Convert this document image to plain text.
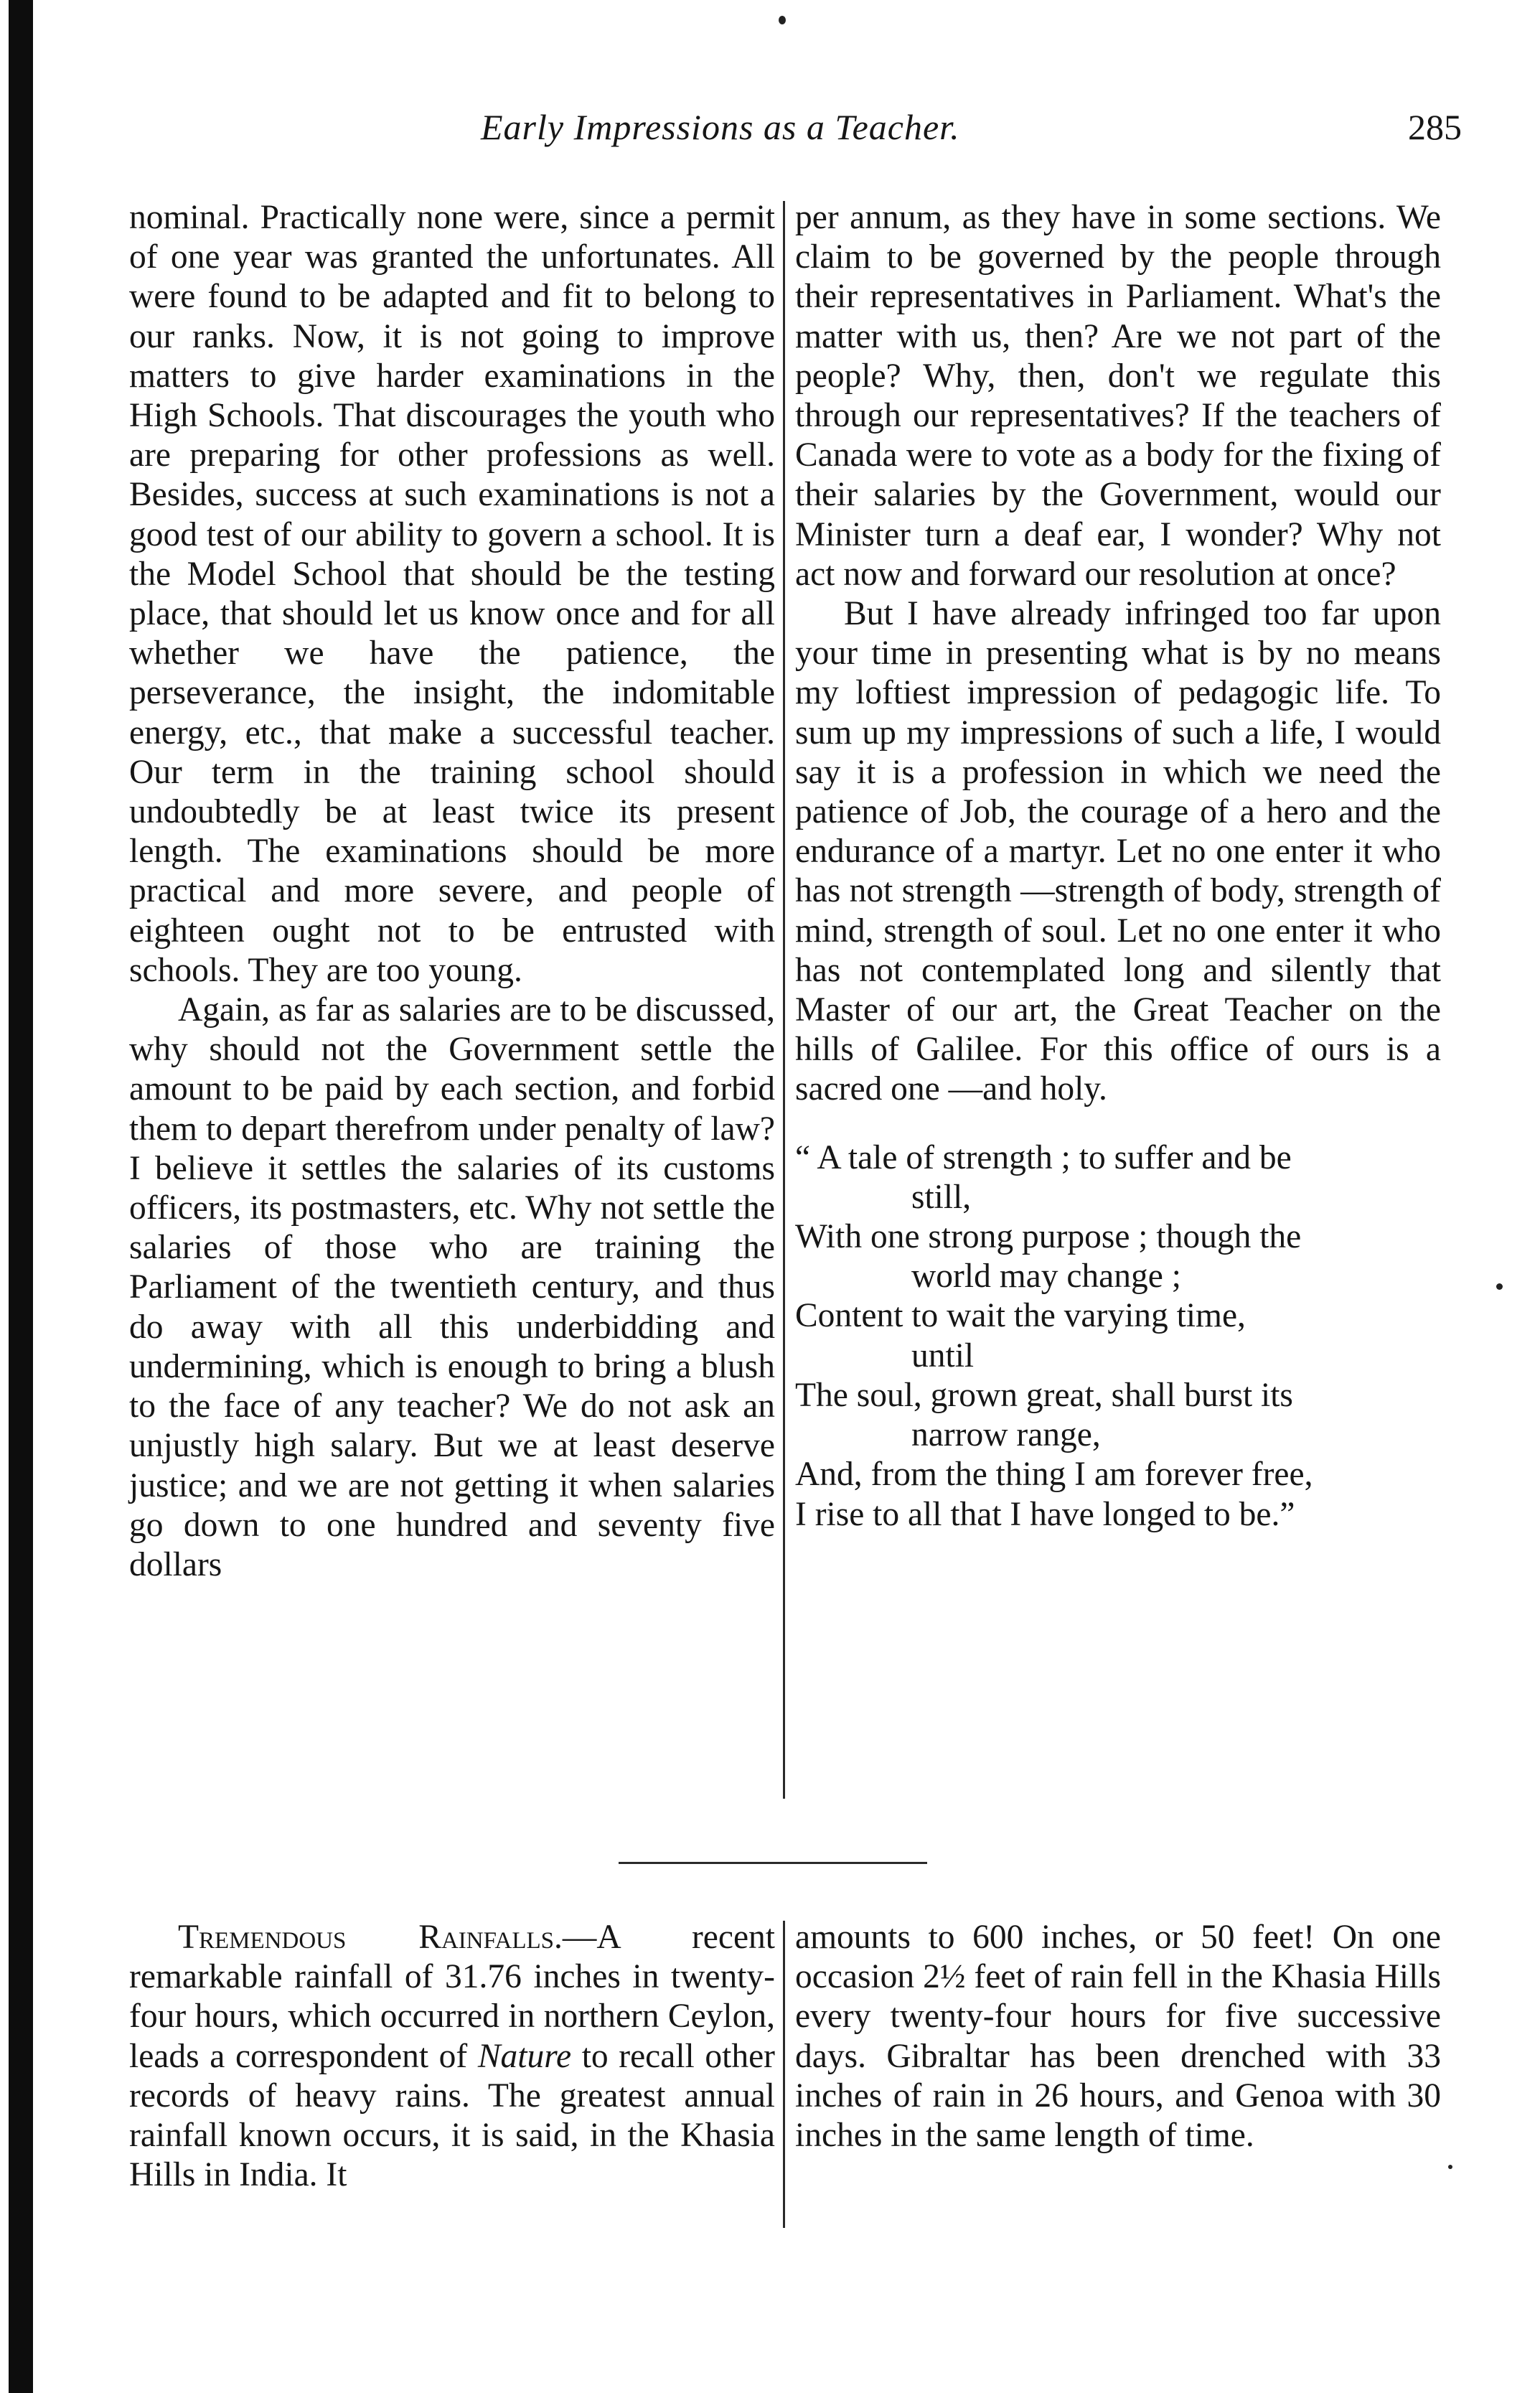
Early Impressions as a Teacher.	285

nominal. Practically none were, since a permit of one year was granted the unfortunates. All were found to be adapted and fit to belong to our ranks. Now, it is not going to improve matters to give harder examinations in the High Schools. That discourages the youth who are preparing for other professions as well. Besides, success at such examinations is not a good test of our ability to govern a school. It is the Model School that should be the testing place, that should let us know once and for all whether we have the patience, the perseverance, the insight, the indomitable energy, etc., that make a successful teacher. Our term in the training school should undoubtedly be at least twice its present length. The examinations should be more practical and more severe, and people of eighteen ought not to be entrusted with schools. They are too young.

Again, as far as salaries are to be discussed, why should not the Government settle the amount to be paid by each section, and forbid them to depart therefrom under penalty of law? I believe it settles the salaries of its customs officers, its postmasters, etc. Why not settle the salaries of those who are training the Parliament of the twentieth century, and thus do away with all this underbidding and undermining, which is enough to bring a blush to the face of any teacher? We do not ask an unjustly high salary. But we at least deserve justice; and we are not getting it when salaries go down to one hundred and seventy five dollars

per annum, as they have in some sections. We claim to be governed by the people through their representatives in Parliament. What's the matter with us, then? Are we not part of the people? Why, then, don't we regulate this through our representatives? If the teachers of Canada were to vote as a body for the fixing of their salaries by the Government, would our Minister turn a deaf ear, I wonder? Why not act now and forward our resolution at once?

But I have already infringed too far upon your time in presenting what is by no means my loftiest impression of pedagogic life. To sum up my impressions of such a life, I would say it is a profession in which we need the patience of Job, the courage of a hero and the endurance of a martyr. Let no one enter it who has not strength —strength of body, strength of mind, strength of soul. Let no one enter it who has not contemplated long and silently that Master of our art, the Great Teacher on the hills of Galilee. For this office of ours is a sacred one —and holy.

“ A tale of strength ; to suffer and be
still,
With one strong purpose ; though the
world may change ;
Content to wait the varying time,
until
The soul, grown great, shall burst its
narrow range,
And, from the thing I am forever free,
I rise to all that I have longed to be.”

Tremendous Rainfalls.—A recent remarkable rainfall of 31.76 inches in twenty-four hours, which occurred in northern Ceylon, leads a correspondent of Nature to recall other records of heavy rains. The greatest annual rainfall known occurs, it is said, in the Khasia Hills in India. It

amounts to 600 inches, or 50 feet! On one occasion 2½ feet of rain fell in the Khasia Hills every twenty-four hours for five successive days. Gibraltar has been drenched with 33 inches of rain in 26 hours, and Genoa with 30 inches in the same length of time.
